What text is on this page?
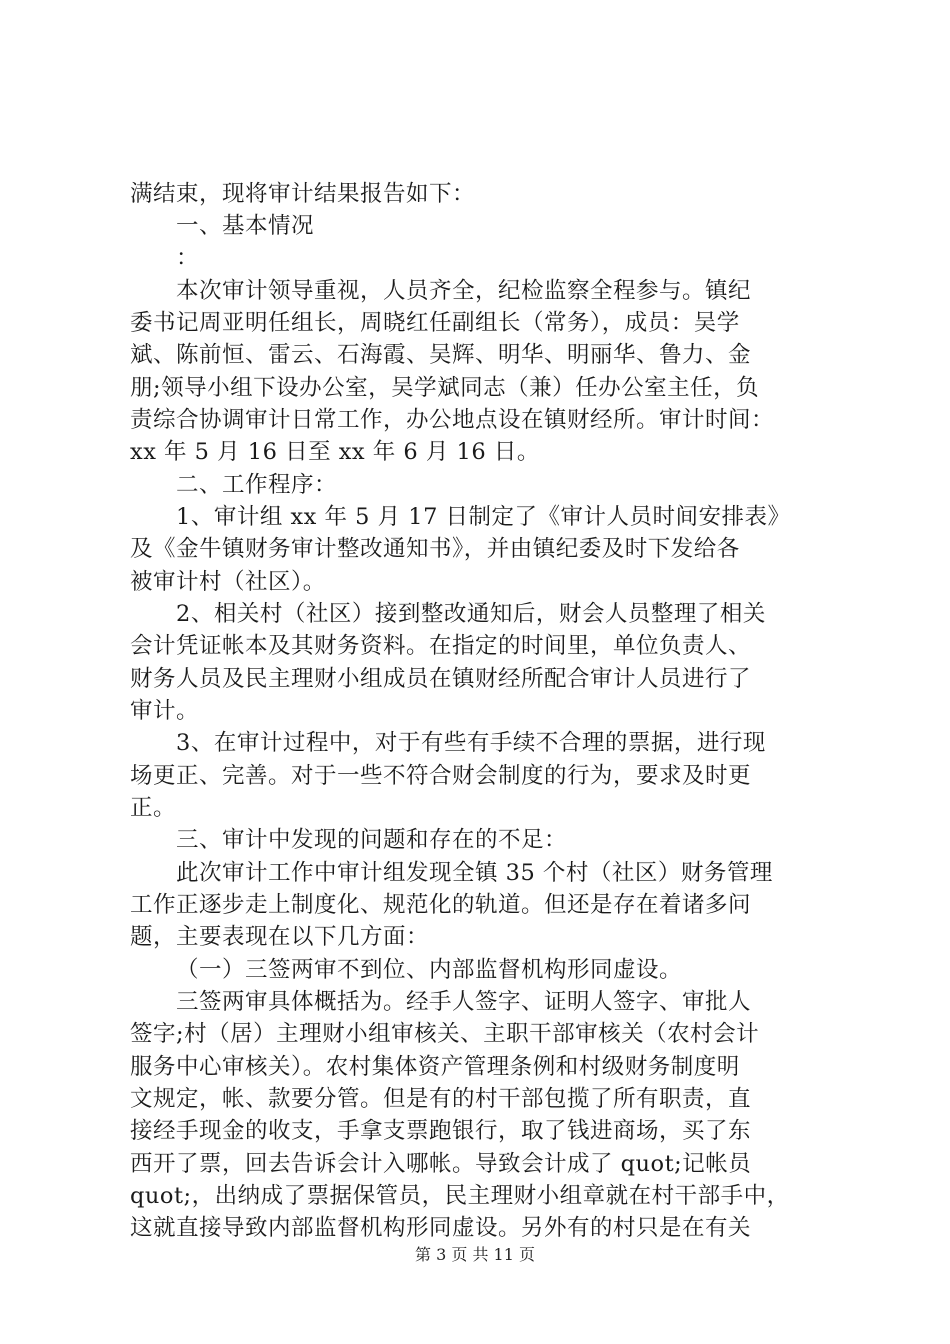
满结束，现将审计结果报告如下：
一、基本情况
：
本次审计领导重视，人员齐全，纪检监察全程参与。镇纪
委书记周亚明任组长，周晓红任副组长（常务），成员：吴学
斌、陈前恒、雷云、石海霞、吴辉、明华、明丽华、鲁力、金
朋;领导小组下设办公室，吴学斌同志（兼）任办公室主任，负
责综合协调审计日常工作，办公地点设在镇财经所。审计时间：
xx 年 5 月 16 日至 xx 年 6 月 16 日。
二、工作程序：
1、审计组 xx 年 5 月 17 日制定了《审计人员时间安排表》
及《金牛镇财务审计整改通知书》，并由镇纪委及时下发给各
被审计村（社区）。
2、相关村（社区）接到整改通知后，财会人员整理了相关
会计凭证帐本及其财务资料。在指定的时间里，单位负责人、
财务人员及民主理财小组成员在镇财经所配合审计人员进行了
审计。
3、在审计过程中，对于有些有手续不合理的票据，进行现
场更正、完善。对于一些不符合财会制度的行为，要求及时更
正。
三、审计中发现的问题和存在的不足：
此次审计工作中审计组发现全镇 35 个村（社区）财务管理
工作正逐步走上制度化、规范化的轨道。但还是存在着诸多问
题，主要表现在以下几方面：
（一）三签两审不到位、内部监督机构形同虚设。
三签两审具体概括为。经手人签字、证明人签字、审批人
签字;村（居）主理财小组审核关、主职干部审核关（农村会计
服务中心审核关）。农村集体资产管理条例和村级财务制度明
文规定，帐、款要分管。但是有的村干部包揽了所有职责，直
接经手现金的收支，手拿支票跑银行，取了钱进商场，买了东
西开了票，回去告诉会计入哪帐。导致会计成了 quot;记帐员
quot;，出纳成了票据保管员，民主理财小组章就在村干部手中，
这就直接导致内部监督机构形同虚设。另外有的村只是在有关
第 3 页 共 11 页
